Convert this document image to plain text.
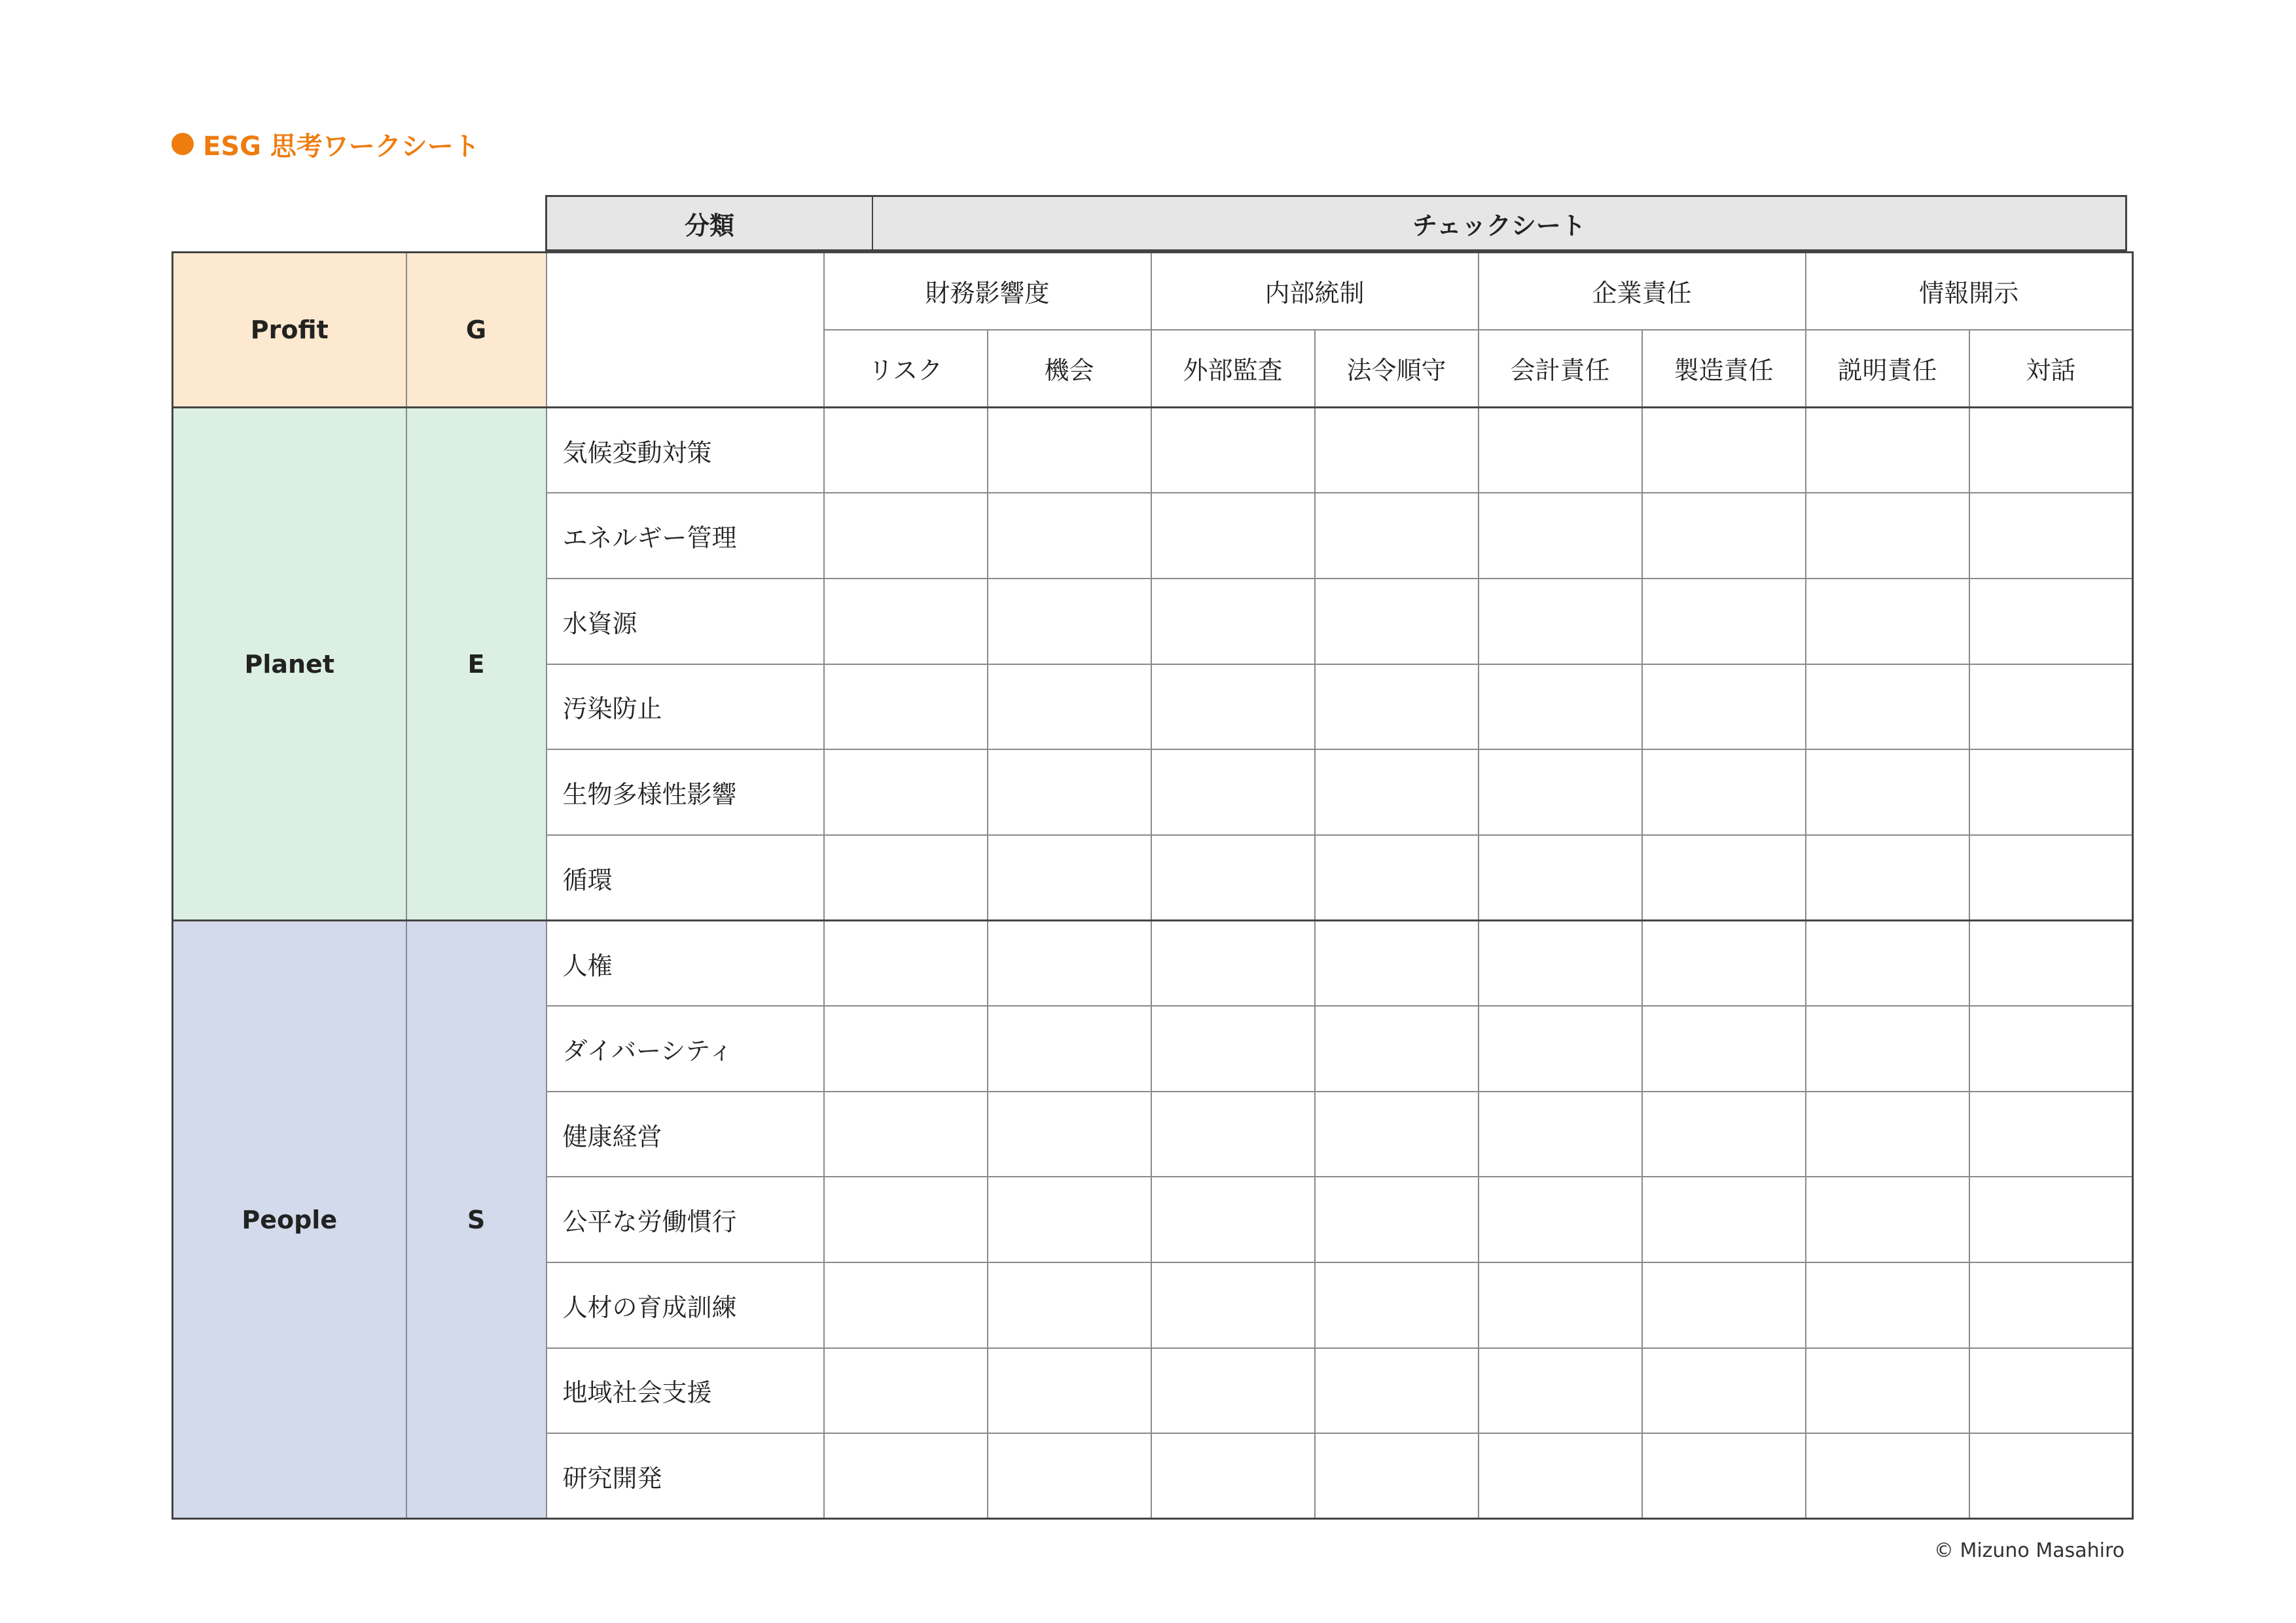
ESG 思考ワークシート
分類	チェックシート
Profit	G		財務影響度		内部統制		企業責任		情報開示	
			リスク	機会	外部監査	法令順守	会計責任	製造責任	説明責任	対話
Planet	E	気候変動対策								
		エネルギー管理								
		水資源								
		汚染防止								
		生物多様性影響								
		循環								
People	S	人権								
		ダイバーシティ								
		健康経営								
		公平な労働慣行								
		人材の育成訓練								
		地域社会支援								
		研究開発								
© Mizuno Masahiro
